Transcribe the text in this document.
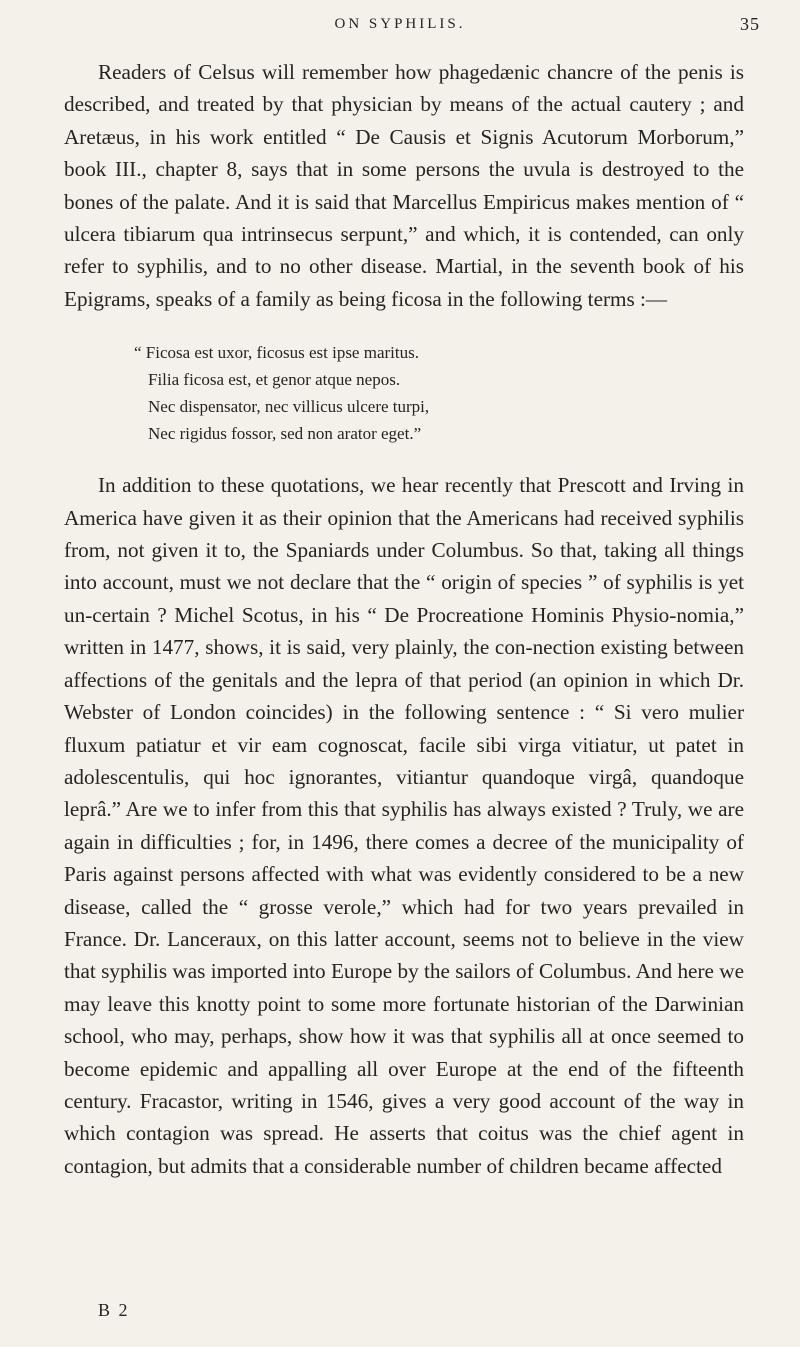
ON SYPHILIS.	35

Readers of Celsus will remember how phagedænic chancre of the penis is described, and treated by that physician by means of the actual cautery ; and Aretæus, in his work entitled “ De Causis et Signis Acutorum Morborum,” book III., chapter 8, says that in some persons the uvula is destroyed to the bones of the palate. And it is said that Marcellus Empiricus makes mention of “ ulcera tibiarum qua intrinsecus serpunt,” and which, it is contended, can only refer to syphilis, and to no other disease. Martial, in the seventh book of his Epigrams, speaks of a family as being ficosa in the following terms :—

“ Ficosa est uxor, ficosus est ipse maritus.
Filia ficosa est, et genor atque nepos.
Nec dispensator, nec villicus ulcere turpi,
Nec rigidus fossor, sed non arator eget.”

In addition to these quotations, we hear recently that Prescott and Irving in America have given it as their opinion that the Americans had received syphilis from, not given it to, the Spaniards under Columbus. So that, taking all things into account, must we not declare that the “ origin of species ” of syphilis is yet un-certain ? Michel Scotus, in his “ De Procreatione Hominis Physio-nomia,” written in 1477, shows, it is said, very plainly, the con-nection existing between affections of the genitals and the lepra of that period (an opinion in which Dr. Webster of London coincides) in the following sentence : “ Si vero mulier fluxum patiatur et vir eam cognoscat, facile sibi virga vitiatur, ut patet in adolescentulis, qui hoc ignorantes, vitiantur quandoque virgâ, quandoque leprâ.” Are we to infer from this that syphilis has always existed ? Truly, we are again in difficulties ; for, in 1496, there comes a decree of the municipality of Paris against persons affected with what was evidently considered to be a new disease, called the “ grosse verole,” which had for two years prevailed in France. Dr. Lanceraux, on this latter account, seems not to believe in the view that syphilis was imported into Europe by the sailors of Columbus. And here we may leave this knotty point to some more fortunate historian of the Darwinian school, who may, perhaps, show how it was that syphilis all at once seemed to become epidemic and appalling all over Europe at the end of the fifteenth century. Fracastor, writing in 1546, gives a very good account of the way in which contagion was spread. He asserts that coitus was the chief agent in contagion, but admits that a considerable number of children became affected

B 2
